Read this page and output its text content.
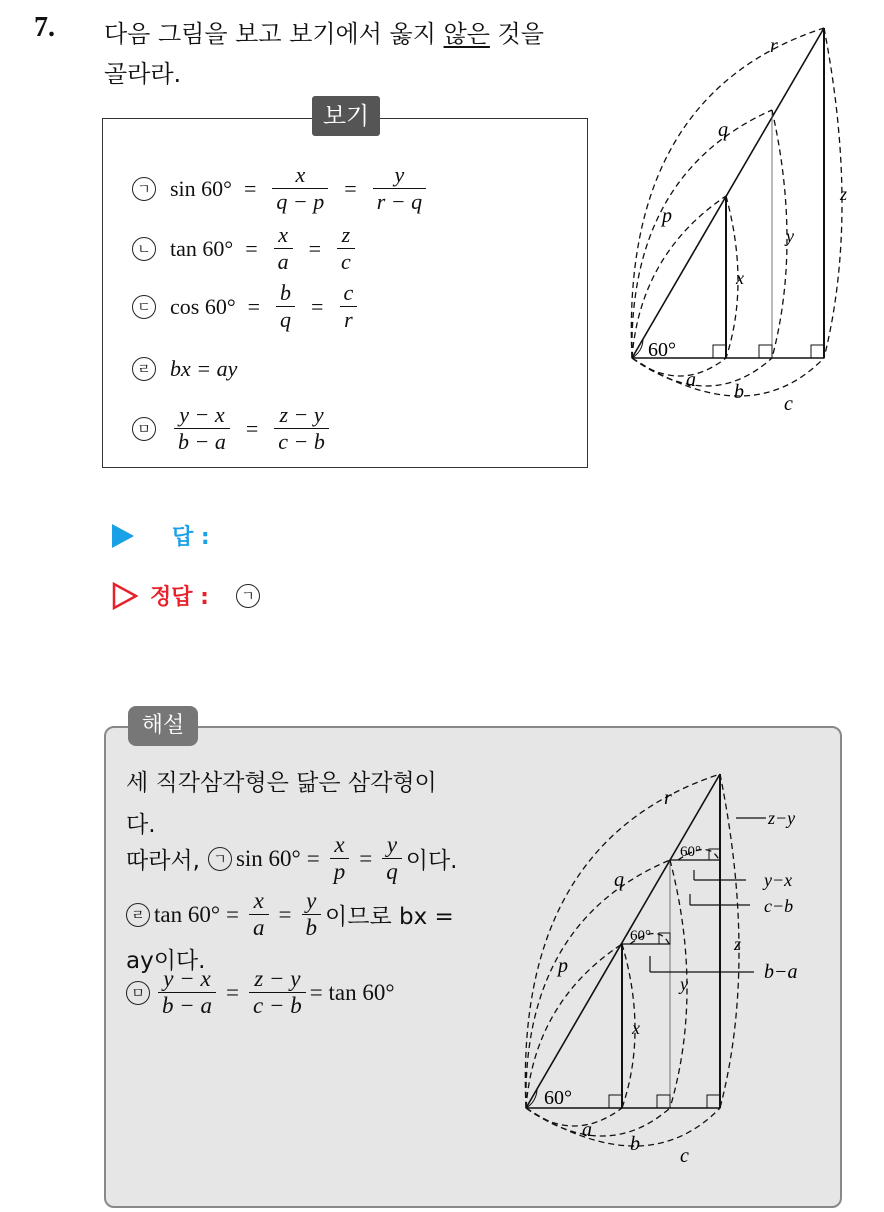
7. 다음 그림을 보고 보기에서 옳지 않은 것을
골라라.
보기
ㄱ $\sin 60^\circ = \frac{x}{q - p} = \frac{y}{r - q}$
ㄴ $\tan 60^\circ = \frac{x}{a} = \frac{z}{c}$
ㄷ $\cos 60^\circ = \frac{b}{q} = \frac{c}{r}$
ㄹ bx = ay
ㅁ $\frac{y - x}{b - a} = \frac{z - y}{c - b}$
60°
r
q
p
x
y
z
a
b
c
답 :
정답 :	ㄱ
해설
세 직각삼각형은 닮은 삼각형이
다.
따라서, ㄱ $\sin 60^\circ = \frac{x}{p} = \frac{y}{q}$ 이다.
ㄹ $\tan 60^\circ = \frac{x}{a} = \frac{y}{b}$ 이므로 bx =
ay이다.
ㅁ $\frac{y - x}{b - a} = \frac{z - y}{c - b} = \tan 60^\circ$
60°
r
q
p
x
y
z
a
b
c
z−y
y−x
c−b
b−a
60°
60°
